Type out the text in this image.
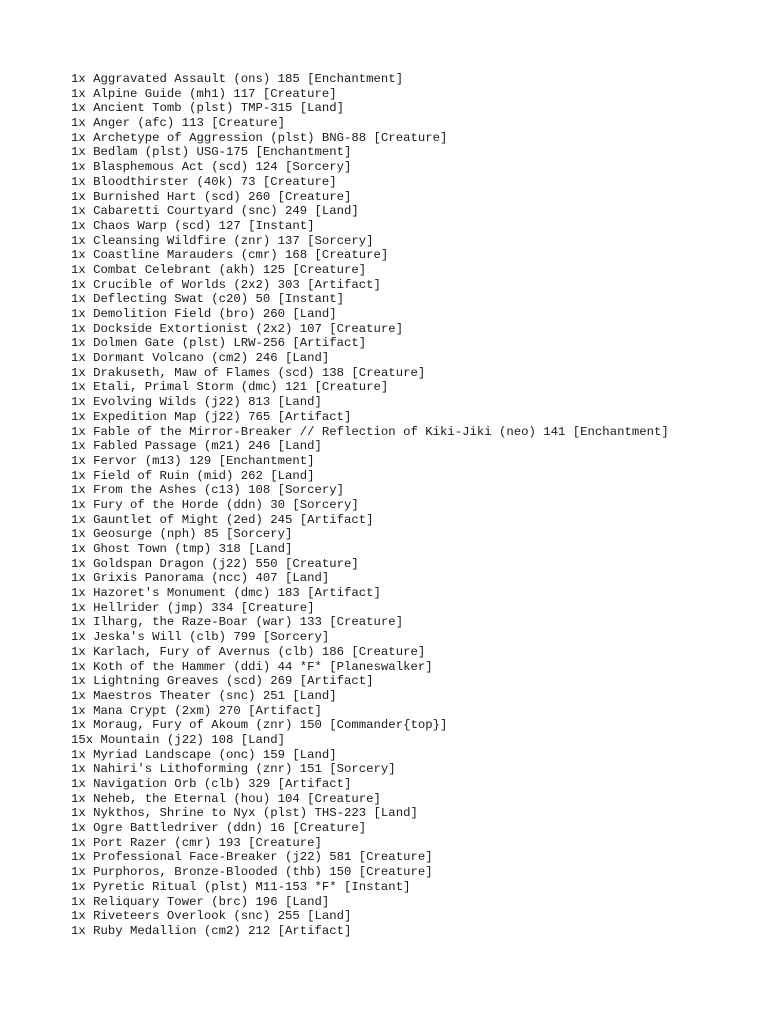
1x Aggravated Assault (ons) 185 [Enchantment]
1x Alpine Guide (mh1) 117 [Creature]
1x Ancient Tomb (plst) TMP-315 [Land]
1x Anger (afc) 113 [Creature]
1x Archetype of Aggression (plst) BNG-88 [Creature]
1x Bedlam (plst) USG-175 [Enchantment]
1x Blasphemous Act (scd) 124 [Sorcery]
1x Bloodthirster (40k) 73 [Creature]
1x Burnished Hart (scd) 260 [Creature]
1x Cabaretti Courtyard (snc) 249 [Land]
1x Chaos Warp (scd) 127 [Instant]
1x Cleansing Wildfire (znr) 137 [Sorcery]
1x Coastline Marauders (cmr) 168 [Creature]
1x Combat Celebrant (akh) 125 [Creature]
1x Crucible of Worlds (2x2) 303 [Artifact]
1x Deflecting Swat (c20) 50 [Instant]
1x Demolition Field (bro) 260 [Land]
1x Dockside Extortionist (2x2) 107 [Creature]
1x Dolmen Gate (plst) LRW-256 [Artifact]
1x Dormant Volcano (cm2) 246 [Land]
1x Drakuseth, Maw of Flames (scd) 138 [Creature]
1x Etali, Primal Storm (dmc) 121 [Creature]
1x Evolving Wilds (j22) 813 [Land]
1x Expedition Map (j22) 765 [Artifact]
1x Fable of the Mirror-Breaker // Reflection of Kiki-Jiki (neo) 141 [Enchantment]
1x Fabled Passage (m21) 246 [Land]
1x Fervor (m13) 129 [Enchantment]
1x Field of Ruin (mid) 262 [Land]
1x From the Ashes (c13) 108 [Sorcery]
1x Fury of the Horde (ddn) 30 [Sorcery]
1x Gauntlet of Might (2ed) 245 [Artifact]
1x Geosurge (nph) 85 [Sorcery]
1x Ghost Town (tmp) 318 [Land]
1x Goldspan Dragon (j22) 550 [Creature]
1x Grixis Panorama (ncc) 407 [Land]
1x Hazoret's Monument (dmc) 183 [Artifact]
1x Hellrider (jmp) 334 [Creature]
1x Ilharg, the Raze-Boar (war) 133 [Creature]
1x Jeska's Will (clb) 799 [Sorcery]
1x Karlach, Fury of Avernus (clb) 186 [Creature]
1x Koth of the Hammer (ddi) 44 *F* [Planeswalker]
1x Lightning Greaves (scd) 269 [Artifact]
1x Maestros Theater (snc) 251 [Land]
1x Mana Crypt (2xm) 270 [Artifact]
1x Moraug, Fury of Akoum (znr) 150 [Commander{top}]
15x Mountain (j22) 108 [Land]
1x Myriad Landscape (onc) 159 [Land]
1x Nahiri's Lithoforming (znr) 151 [Sorcery]
1x Navigation Orb (clb) 329 [Artifact]
1x Neheb, the Eternal (hou) 104 [Creature]
1x Nykthos, Shrine to Nyx (plst) THS-223 [Land]
1x Ogre Battledriver (ddn) 16 [Creature]
1x Port Razer (cmr) 193 [Creature]
1x Professional Face-Breaker (j22) 581 [Creature]
1x Purphoros, Bronze-Blooded (thb) 150 [Creature]
1x Pyretic Ritual (plst) M11-153 *F* [Instant]
1x Reliquary Tower (brc) 196 [Land]
1x Riveteers Overlook (snc) 255 [Land]
1x Ruby Medallion (cm2) 212 [Artifact]
